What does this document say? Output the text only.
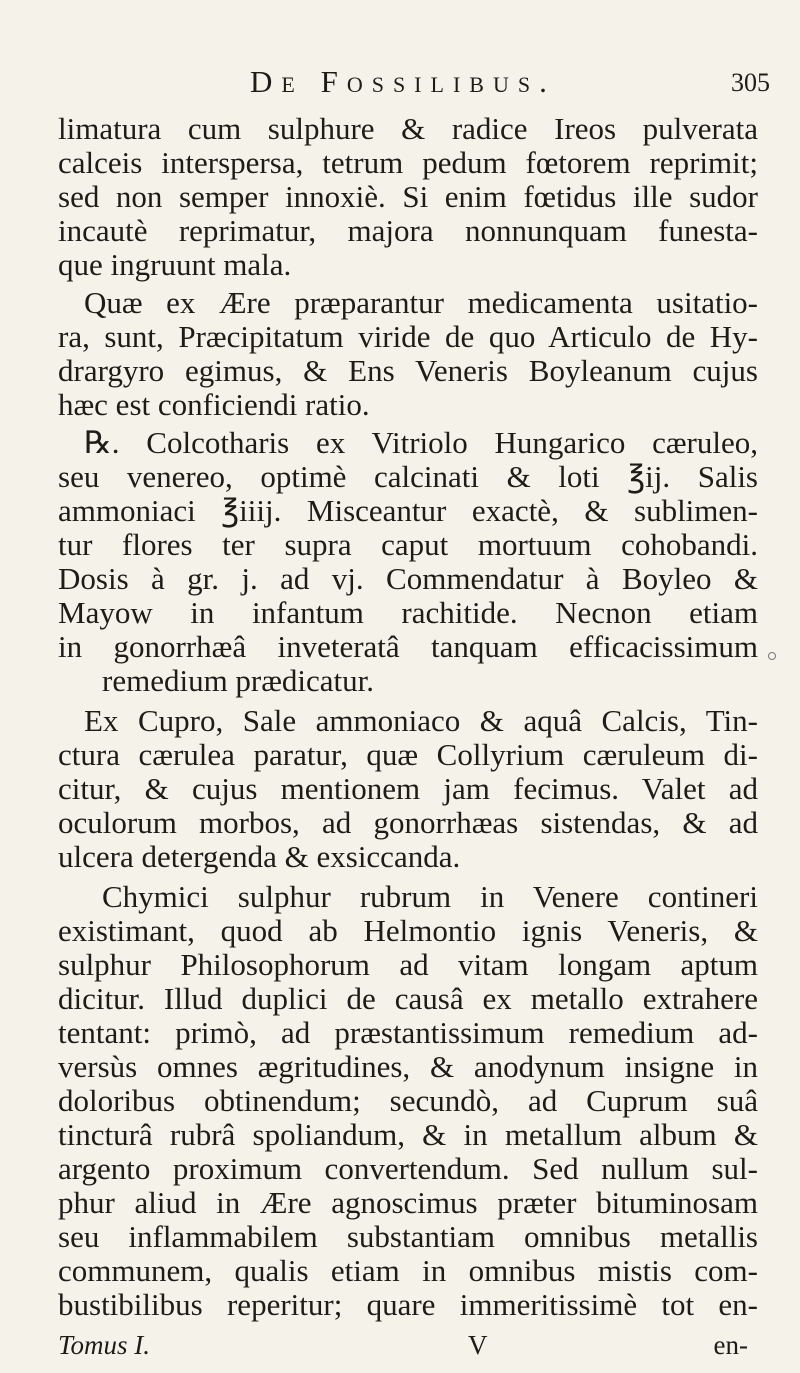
De Fossilibus.	305
limatura cum sulphure & radice Ireos pulverata
calceis interspersa, tetrum pedum fœtorem reprimit;
sed non semper innoxiè. Si enim fœtidus ille sudor
incautè reprimatur, majora nonnunquam funesta-
que ingruunt mala.
Quæ ex Ære præparantur medicamenta usitatio-
ra, sunt, Præcipitatum viride de quo Articulo de Hy-
drargyro egimus, & Ens Veneris Boyleanum cujus
hæc est conficiendi ratio.
℞. Colcotharis ex Vitriolo Hungarico cæruleo,
seu venereo, optimè calcinati & loti ℥ij. Salis
ammoniaci ℥iiij. Misceantur exactè, & sublimen-
tur flores ter supra caput mortuum cohobandi.
Dosis à gr. j. ad vj. Commendatur à Boyleo &
Mayow in infantum rachitide. Necnon etiam
in gonorrhæâ inveteratâ tanquam efficacissimum
remedium prædicatur.
Ex Cupro, Sale ammoniaco & aquâ Calcis, Tin-
ctura cærulea paratur, quæ Collyrium cæruleum di-
citur, & cujus mentionem jam fecimus. Valet ad
oculorum morbos, ad gonorrhæas sistendas, & ad
ulcera detergenda & exsiccanda.
Chymici sulphur rubrum in Venere contineri
existimant, quod ab Helmontio ignis Veneris, &
sulphur Philosophorum ad vitam longam aptum
dicitur. Illud duplici de causâ ex metallo extrahere
tentant: primò, ad præstantissimum remedium ad-
versùs omnes ægritudines, & anodynum insigne in
doloribus obtinendum; secundò, ad Cuprum suâ
tincturâ rubrâ spoliandum, & in metallum album &
argento proximum convertendum. Sed nullum sul-
phur aliud in Ære agnoscimus præter bituminosam
seu inflammabilem substantiam omnibus metallis
communem, qualis etiam in omnibus mistis com-
bustibilibus reperitur; quare immeritissimè tot en-
Tomus I.	V	en-
